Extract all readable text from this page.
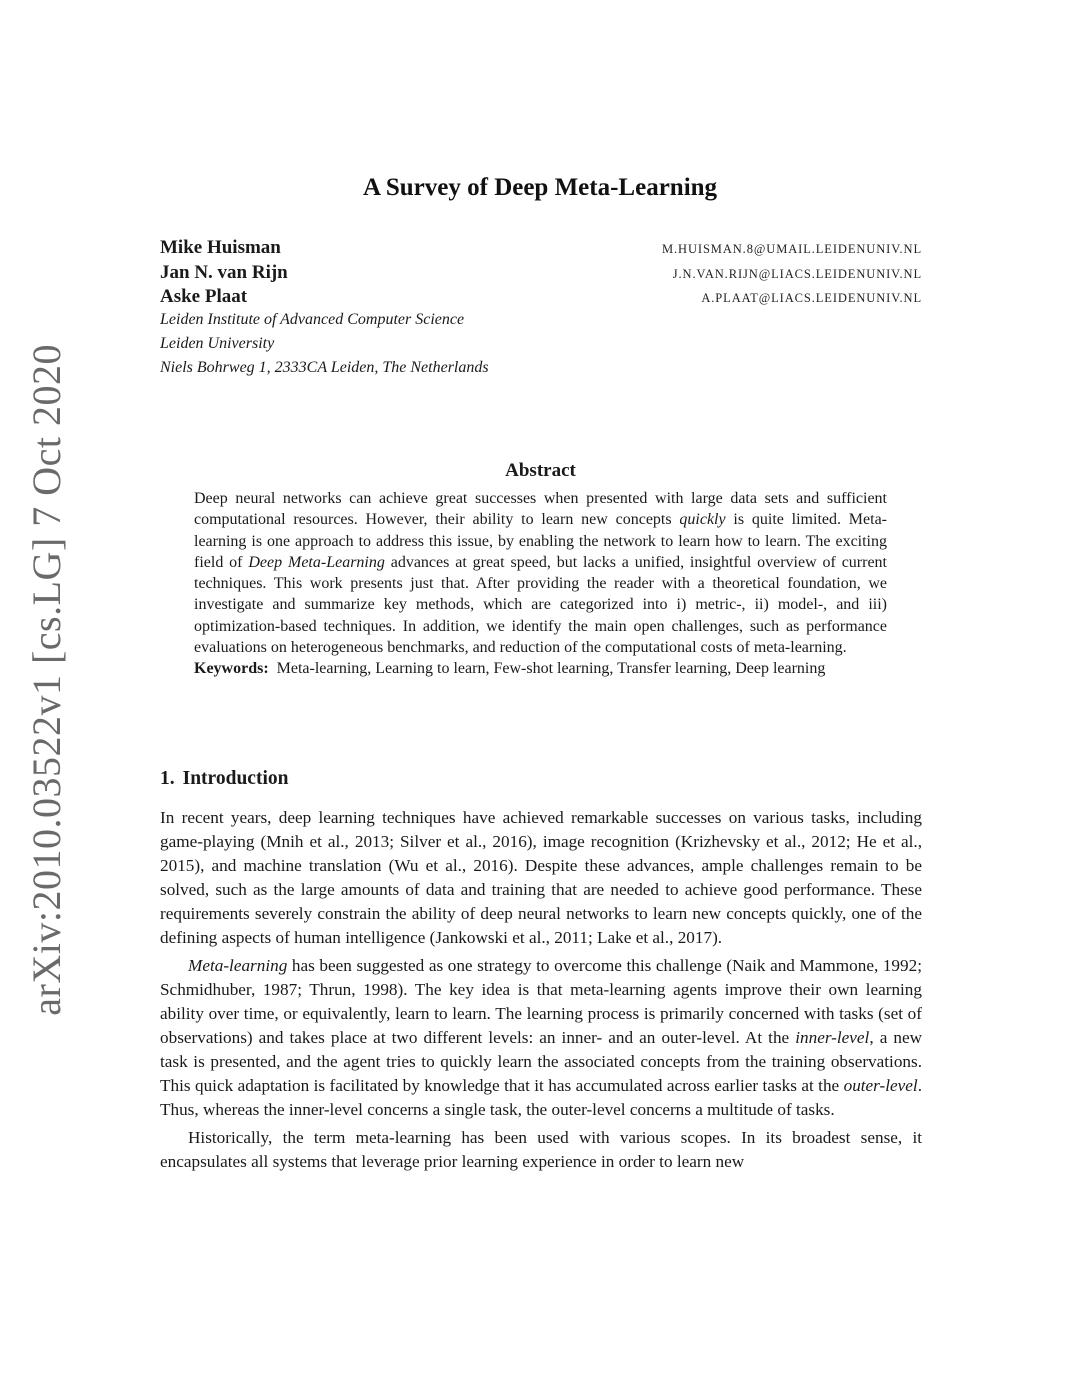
arXiv:2010.03522v1 [cs.LG] 7 Oct 2020
A Survey of Deep Meta-Learning
Mike Huisman	M.HUISMAN.8@UMAIL.LEIDENUNIV.NL
Jan N. van Rijn	J.N.VAN.RIJN@LIACS.LEIDENUNIV.NL
Aske Plaat	A.PLAAT@LIACS.LEIDENUNIV.NL
Leiden Institute of Advanced Computer Science
Leiden University
Niels Bohrweg 1, 2333CA Leiden, The Netherlands
Abstract

Deep neural networks can achieve great successes when presented with large data sets and sufficient computational resources. However, their ability to learn new concepts quickly is quite limited. Meta-learning is one approach to address this issue, by enabling the network to learn how to learn. The exciting field of Deep Meta-Learning advances at great speed, but lacks a unified, insightful overview of current techniques. This work presents just that. After providing the reader with a theoretical foundation, we investigate and summarize key methods, which are categorized into i) metric-, ii) model-, and iii) optimization-based techniques. In addition, we identify the main open challenges, such as performance evaluations on heterogeneous benchmarks, and reduction of the computational costs of meta-learning.

Keywords: Meta-learning, Learning to learn, Few-shot learning, Transfer learning, Deep learning

1. Introduction

In recent years, deep learning techniques have achieved remarkable successes on various tasks, including game-playing (Mnih et al., 2013; Silver et al., 2016), image recognition (Krizhevsky et al., 2012; He et al., 2015), and machine translation (Wu et al., 2016). Despite these advances, ample challenges remain to be solved, such as the large amounts of data and training that are needed to achieve good performance. These requirements severely constrain the ability of deep neural networks to learn new concepts quickly, one of the defining aspects of human intelligence (Jankowski et al., 2011; Lake et al., 2017).

Meta-learning has been suggested as one strategy to overcome this challenge (Naik and Mammone, 1992; Schmidhuber, 1987; Thrun, 1998). The key idea is that meta-learning agents improve their own learning ability over time, or equivalently, learn to learn. The learning process is primarily concerned with tasks (set of observations) and takes place at two different levels: an inner- and an outer-level. At the inner-level, a new task is presented, and the agent tries to quickly learn the associated concepts from the training observations. This quick adaptation is facilitated by knowledge that it has accumulated across earlier tasks at the outer-level. Thus, whereas the inner-level concerns a single task, the outer-level concerns a multitude of tasks.

Historically, the term meta-learning has been used with various scopes. In its broadest sense, it encapsulates all systems that leverage prior learning experience in order to learn new
